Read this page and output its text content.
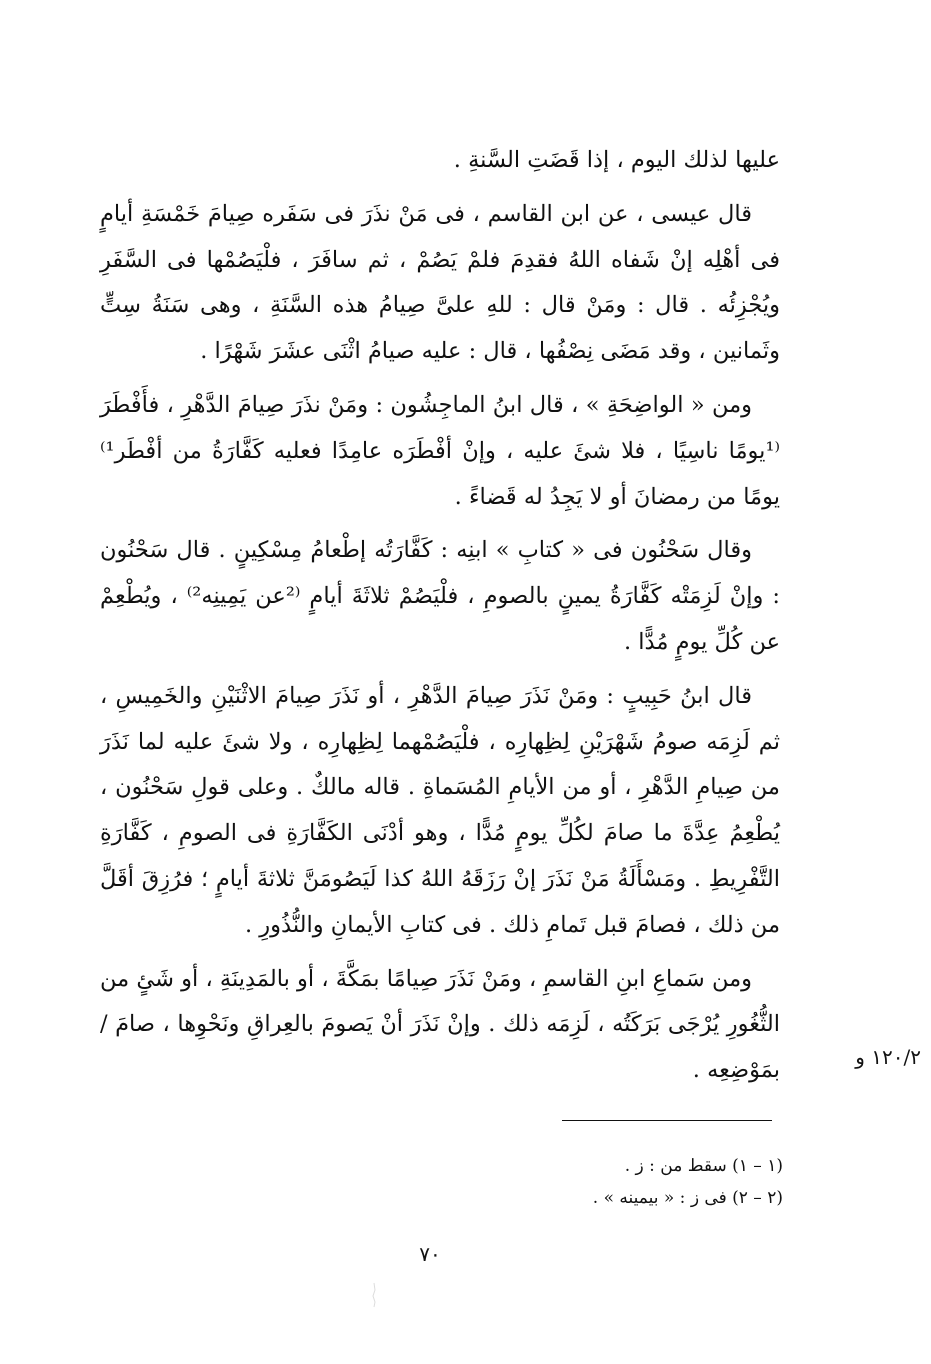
عليها لذلك اليوم ، إذا قَضَتِ السَّنةِ .

قال عيسى ، عن ابن القاسم ، فى مَنْ نذَرَ فى سَفَره صِيامَ خَمْسَةِ أيامٍ فى أهْلِه إنْ شَفاه اللهُ فقدِمَ فلمْ يَصُمْ ، ثم سافَرَ ، فلْيَصُمْها فى السَّفَرِ ويُجْزِئُه . قال : ومَنْ قال : للهِ علىَّ صِيامُ هذه السَّنَةِ ، وهى سَنَةُ سِتٍّ وثَمانين ، وقد مَضَى نِصْفُها ، قال : عليه صيامُ اثْنَى عشَرَ شَهْرًا .

ومن « الواضِحَةِ » ، قال ابنُ الماجِشُون : ومَنْ نذَرَ صِيامَ الدَّهْرِ ، فأَفْطَرَ ⁽¹يومًا ناسِيًا ، فلا شئَ عليه ، وإنْ أفْطَرَه عامِدًا فعليه كَفَّارَةُ من أفْطَر¹⁾ يومًا من رمضانَ أو لا يَجِدُ له قَضاءً .

وقال سَحْنُون فى « كتابِ » ابنِه : كَفَّارَتُه إطْعامُ مِسْكِينٍ . قال سَحْنُون : وإنْ لَزِمَتْه كَفَّارَةُ يمينٍ بالصومِ ، فلْيَصُمْ ثلاثَةَ أيامٍ ⁽²عن يَمِينِه²⁾ ، ويُطْعِمْ عن كُلِّ يومٍ مُدًّا .

قال ابنُ حَبِيبٍ : ومَنْ نَذَرَ صِيامَ الدَّهْرِ ، أو نَذَرَ صِيامَ الاثْنَيْنِ والخَمِيسِ ، ثم لَزِمَه صومُ شَهْرَيْنِ لِظِهارِه ، فلْيَصُمْهما لِظِهارِه ، ولا شئَ عليه لما نَذَرَ من صِيامِ الدَّهْرِ ، أو من الأيامِ المُسَماةِ . قاله مالكٌ . وعلى قولِ سَحْنُون ، يُطْعِمُ عِدَّةَ ما صامَ لكُلِّ يومٍ مُدًّا ، وهو أدْنَى الكَفَّارَةِ فى الصومِ ، كَفَّارَةِ التَّفْرِيطِ . ومَسْأَلَةُ مَنْ نَذَرَ إنْ رَزَقَهُ اللهُ كذا لَيَصُومَنَّ ثلاثةَ أيامٍ ؛ فرُزِقَ أقَلَّ من ذلك ، فصامَ قبل تَمامِ ذلك . فى كتابِ الأيمانِ والنُّذُورِ .

ومن سَماعِ ابنِ القاسمِ ، ومَنْ نَذَرَ صِيامًا بمَكَّةَ ، أو بالمَدِينَةِ ، أو شَئٍ من الثُّغُورِ يُرْجَى بَرَكَتُه ، لَزِمَه ذلك . وإنْ نَذَرَ أنْ يَصومَ بالعِراقِ ونَحْوِها ، صامَ / بمَوْضِعِه .

١٢٠/٢ و

(١ – ١) سقط من : ز .

(٢ – ٢) فى ز : « بيمينه » .

٧٠
